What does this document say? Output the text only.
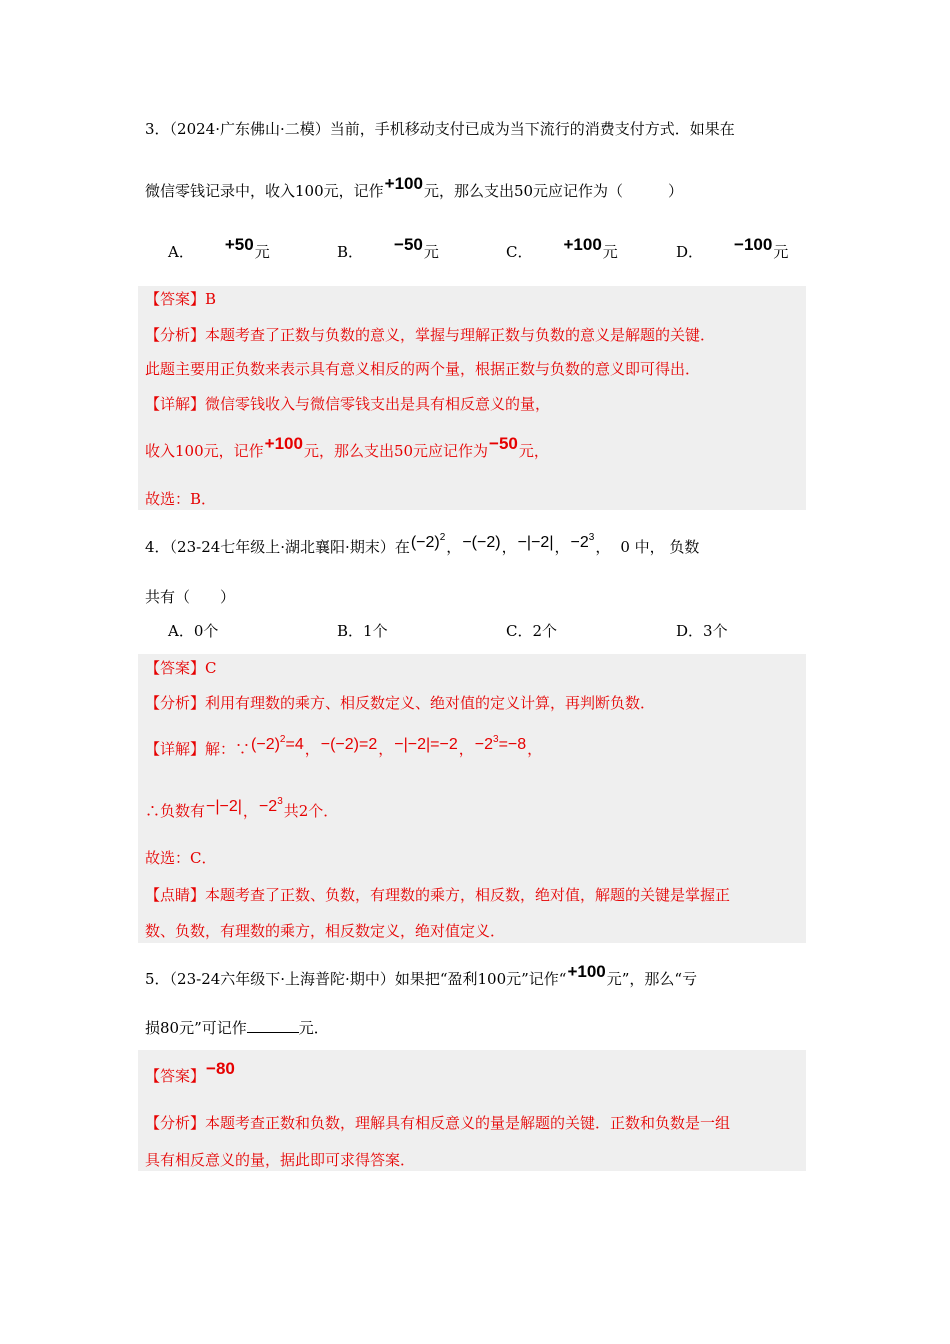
3．（2024·广东佛山·二模）当前，手机移动支付已成为当下流行的消费支付方式．如果在
微信零钱记录中，收入100元，记作+100元，那么支出50元应记作为（　　　）
A． +50元	B． −50元	C． +100元	D． −100元
【答案】B
【分析】本题考查了正数与负数的意义，掌握与理解正数与负数的意义是解题的关键．
此题主要用正负数来表示具有意义相反的两个量，根据正数与负数的意义即可得出．
【详解】微信零钱收入与微信零钱支出是具有相反意义的量，
收入100元，记作+100元，那么支出50元应记作为−50元，
故选：B．
4．（23-24七年级上·湖北襄阳·期末）在$(-2)^2$，−(−2)，−|−2|，$-2^3$， 0 中， 负数
共有（　　）
A．0个	B．1个	C．2个	D．3个
【答案】C
【分析】利用有理数的乘方、相反数定义、绝对值的定义计算，再判断负数．
【详解】解：$\because(-2)^2=4$，−(−2)=2，−|−2|=−2，$-2^3=-8$，
∴负数有−|−2|，$-2^3$共2个．
故选：C．
【点睛】本题考查了正数、负数，有理数的乘方，相反数，绝对值，解题的关键是掌握正
数、负数，有理数的乘方，相反数定义，绝对值定义．
5．（23-24六年级下·上海普陀·期中）如果把“盈利100元”记作“+100元”，那么“亏
损80元”可记作	元．
【答案】−80
【分析】本题考查正数和负数，理解具有相反意义的量是解题的关键．正数和负数是一组
具有相反意义的量，据此即可求得答案．
